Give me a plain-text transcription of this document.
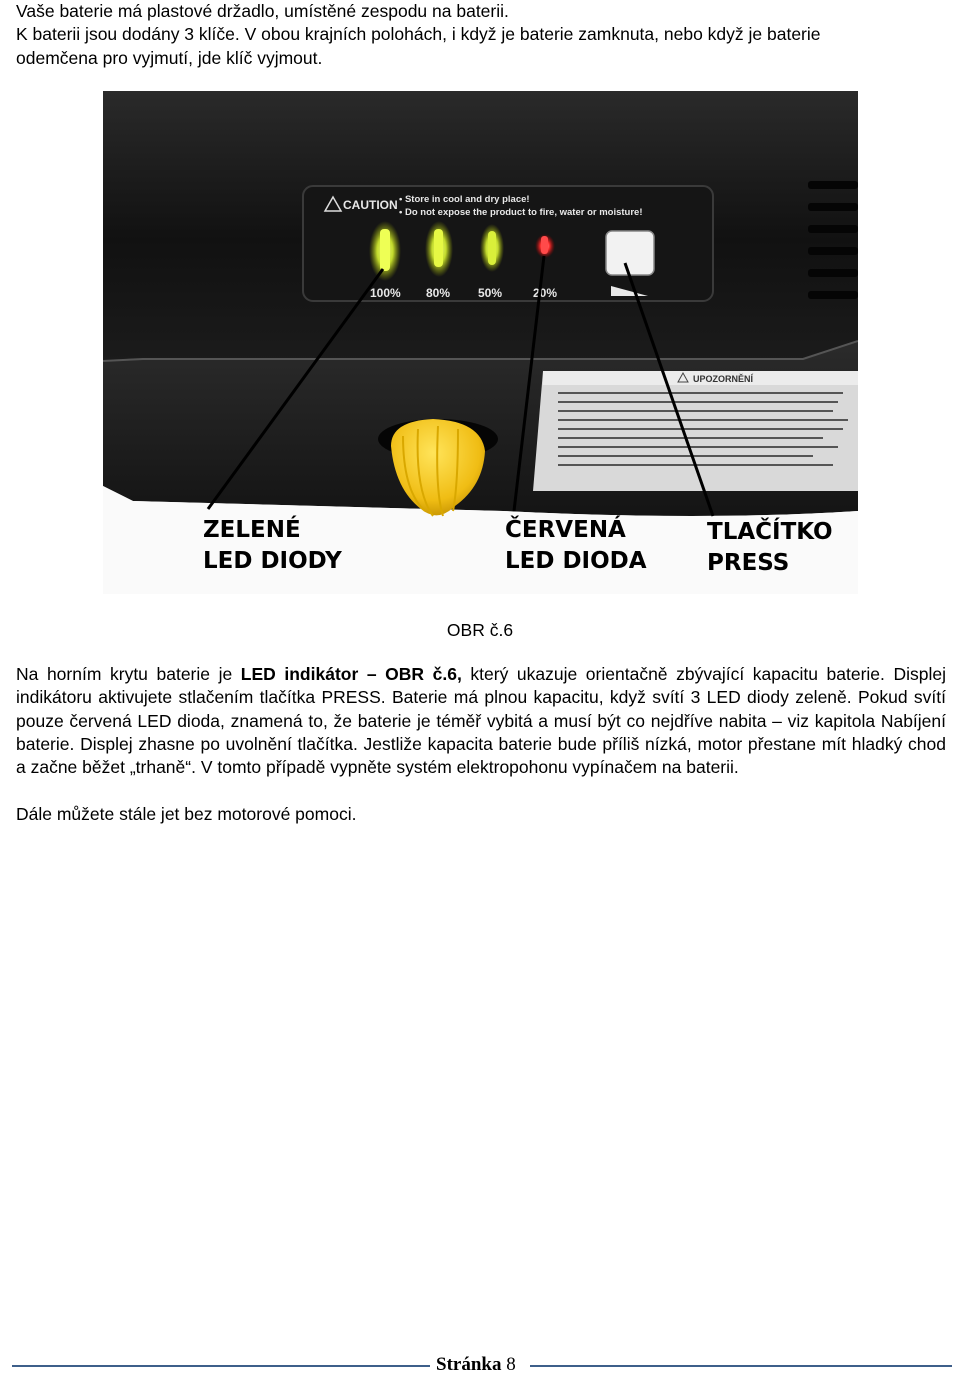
Vaše baterie má plastové držadlo, umístěné zespodu na baterii.
K baterii jsou dodány 3 klíče. V obou krajních polohách, i když je baterie zamknuta, nebo když je baterie
odemčena pro vyjmutí, jde klíč vyjmout.
CAUTION • Store in cool and dry place!
• Do not expose the product to fire, water or moisture!
100% 80% 50%	20%
UPOZORNĚNÍ
ZELENÉ
LED DIODY
ČERVENÁ
LED DIODA
TLAČÍTKO
PRESS
OBR č.6
Na horním krytu baterie je LED indikátor – OBR č.6, který ukazuje orientačně zbývající kapacitu baterie. Displej indikátoru aktivujete stlačením tlačítka PRESS. Baterie má plnou kapacitu, když svítí 3 LED diody zeleně. Pokud svítí pouze červená LED dioda, znamená to, že baterie je téměř vybitá a musí být co nejdříve nabita – viz kapitola Nabíjení baterie. Displej zhasne po uvolnění tlačítka. Jestliže kapacita baterie bude příliš nízká, motor přestane mít hladký chod a začne běžet „trhaně“. V tomto případě vypněte systém elektropohonu vypínačem na baterii.
Dále můžete stále jet bez motorové pomoci.
Stránka 8
